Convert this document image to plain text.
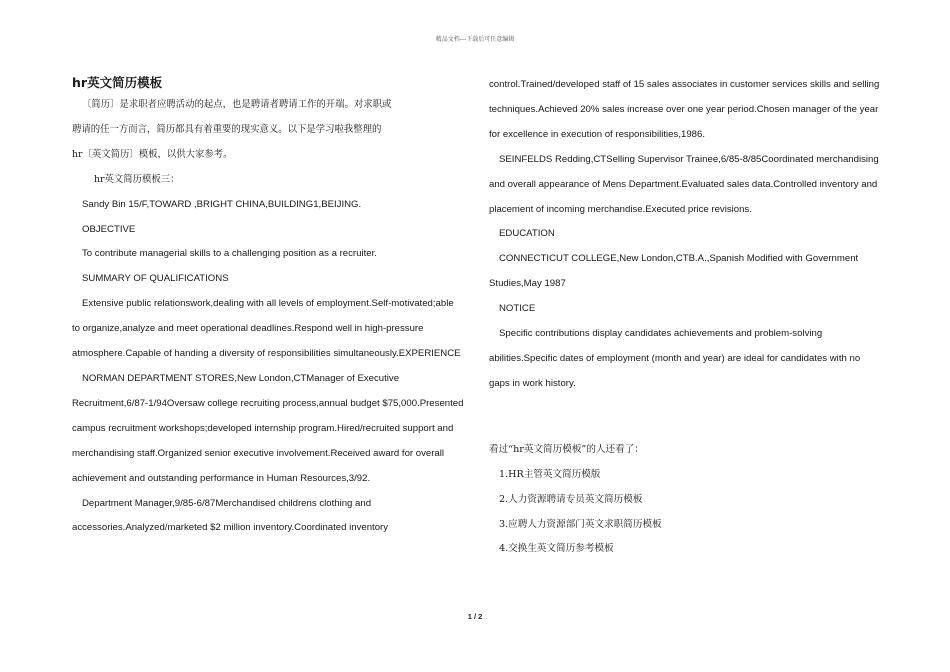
精品文档---下载后可任意编辑
hr英文简历模板
〔简历〕是求职者应聘活动的起点，也是聘请者聘请工作的开端。对求职或
聘请的任一方而言，简历都具有着重要的现实意义。以下是学习啦我整理的
hr〔英文简历〕模板，以供大家参考。
hr英文简历模板三：
Sandy Bin 15/F,TOWARD ,BRIGHT CHINA,BUILDING1,BEIJING.
OBJECTIVE
To contribute managerial skills to a challenging position as a recruiter.
SUMMARY OF QUALIFICATIONS
Extensive public relationswork,dealing with all levels of employment.Self-motivated;able to organize,analyze and meet operational deadlines.Respond well in high-pressure atmosphere.Capable of handing a diversity of responsibilities simultaneously.EXPERIENCE
NORMAN DEPARTMENT STORES,New London,CTManager of Executive Recruitment,6/87-1/94Oversaw college recruiting process,annual budget $75,000.Presented campus recruitment workshops;developed internship program.Hired/recruited support and merchandising staff.Organized senior executive involvement.Received award for overall achievement and outstanding performance in Human Resources,3/92.
Department Manager,9/85-6/87Merchandised childrens clothing and accessories.Analyzed/marketed $2 million inventory.Coordinated inventory
control.Trained/developed staff of 15 sales associates in customer services skills and selling techniques.Achieved 20% sales increase over one year period.Chosen manager of the year for excellence in execution of responsibilities,1986.
SEINFELDS Redding,CTSelling Supervisor Trainee,6/85-8/85Coordinated merchandising and overall appearance of Mens Department.Evaluated sales data.Controlled inventory and placement of incoming merchandise.Executed price revisions.
EDUCATION
CONNECTICUT COLLEGE,New London,CTB.A.,Spanish Modified with Government Studies,May 1987
NOTICE
Specific contributions display candidates achievements and problem-solving abilities.Specific dates of employment (month and year) are ideal for candidates with no gaps in work history.
看过“hr英文简历模板”的人还看了：
1.HR主管英文简历模版
2.人力资源聘请专员英文简历模板
3.应聘人力资源部门英文求职简历模板
4.交换生英文简历参考模板
1 / 2
